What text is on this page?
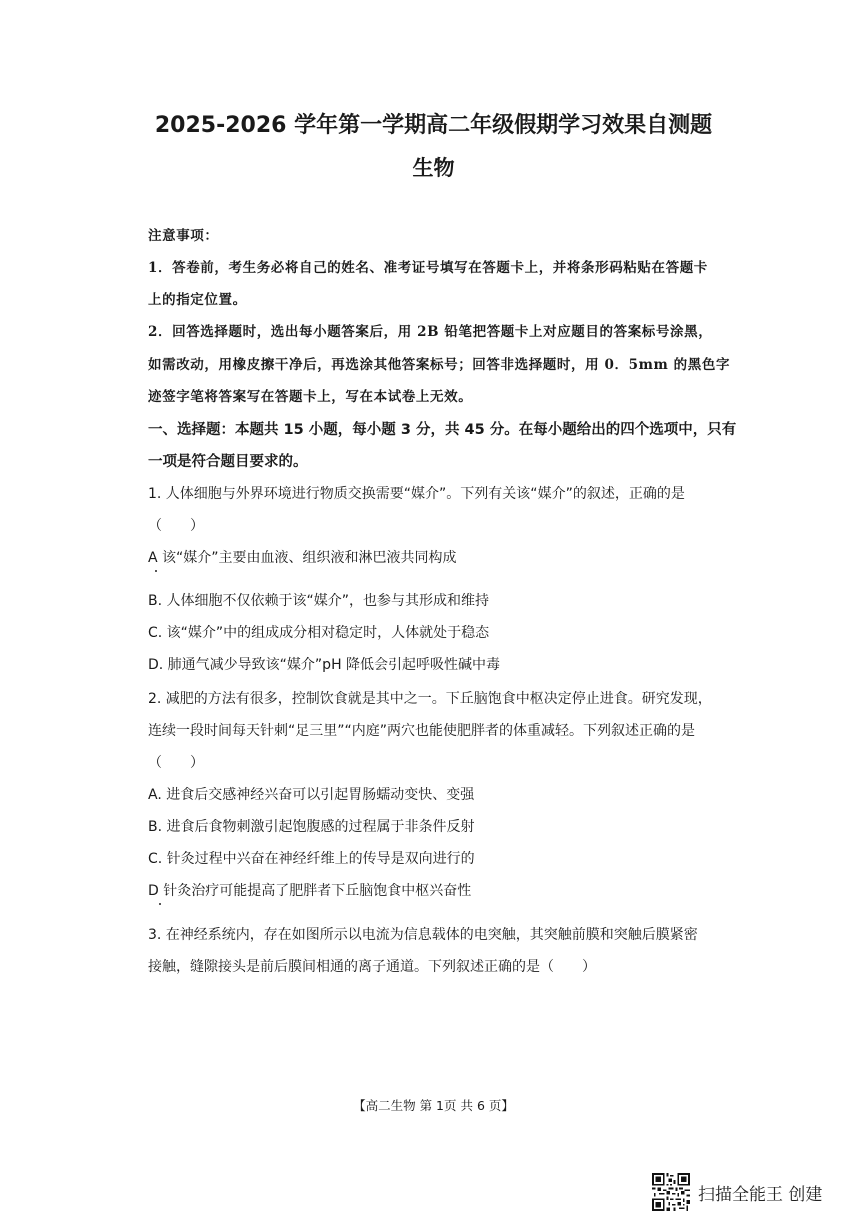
2025-2026 学年第一学期高二年级假期学习效果自测题
生物
注意事项：
1．答卷前，考生务必将自己的姓名、准考证号填写在答题卡上，并将条形码粘贴在答题卡
上的指定位置。
2．回答选择题时，选出每小题答案后，用 2B 铅笔把答题卡上对应题目的答案标号涂黑，
如需改动，用橡皮擦干净后，再选涂其他答案标号；回答非选择题时，用 0．5mm 的黑色字
迹签字笔将答案写在答题卡上，写在本试卷上无效。
一、选择题：本题共 15 小题，每小题 3 分，共 45 分。在每小题给出的四个选项中，只有
一项是符合题目要求的。
1. 人体细胞与外界环境进行物质交换需要“媒介”。下列有关该“媒介”的叙述，正确的是
（　　）
A 该“媒介”主要由血液、组织液和淋巴液共同构成
B. 人体细胞不仅依赖于该“媒介”，也参与其形成和维持
C. 该“媒介”中的组成成分相对稳定时，人体就处于稳态
D. 肺通气减少导致该“媒介”pH 降低会引起呼吸性碱中毒
2. 减肥的方法有很多，控制饮食就是其中之一。下丘脑饱食中枢决定停止进食。研究发现，
连续一段时间每天针刺“足三里”“内庭”两穴也能使肥胖者的体重减轻。下列叙述正确的是
（　　）
A. 进食后交感神经兴奋可以引起胃肠蠕动变快、变强
B. 进食后食物刺激引起饱腹感的过程属于非条件反射
C. 针灸过程中兴奋在神经纤维上的传导是双向进行的
D 针灸治疗可能提高了肥胖者下丘脑饱食中枢兴奋性
3. 在神经系统内，存在如图所示以电流为信息载体的电突触，其突触前膜和突触后膜紧密
接触，缝隙接头是前后膜间相通的离子通道。下列叙述正确的是（　　）
【高二生物 第 1页 共 6 页】
扫描全能王 创建
